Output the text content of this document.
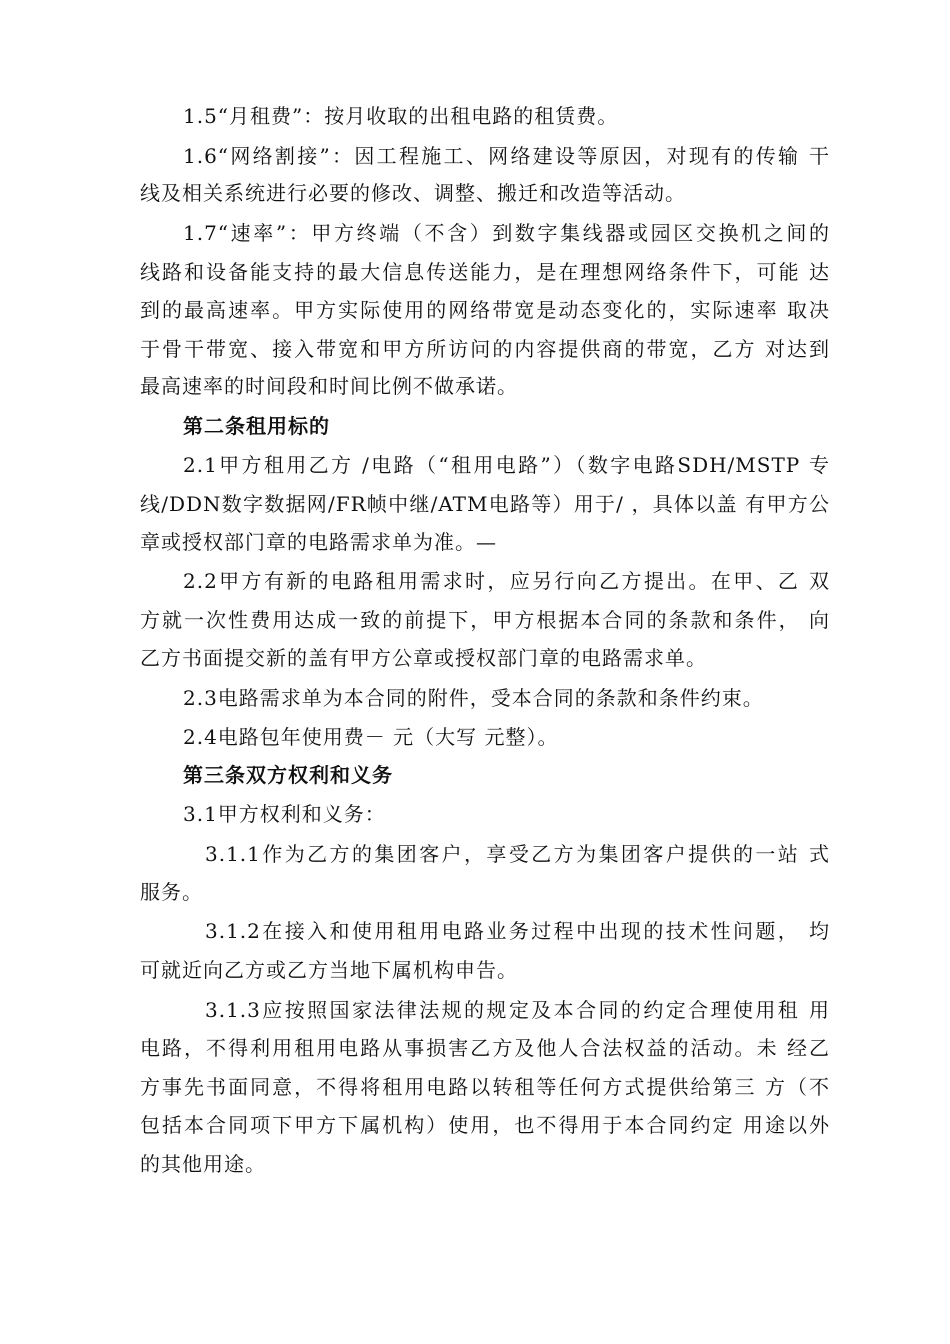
1.5“月租费”：按月收取的出租电路的租赁费。
1.6“网络割接”：因工程施工、网络建设等原因，对现有的传输 干
线及相关系统进行必要的修改、调整、搬迁和改造等活动。
1.7“速率”：甲方终端（不含）到数字集线器或园区交换机之间的
线路和设备能支持的最大信息传送能力，是在理想网络条件下，可能 达
到的最高速率。甲方实际使用的网络带宽是动态变化的，实际速率 取决
于骨干带宽、接入带宽和甲方所访问的内容提供商的带宽，乙方 对达到
最高速率的时间段和时间比例不做承诺。
第二条租用标的
2.1甲方租用乙方 /电路（“租用电路”）（数字电路SDH/MSTP 专
线/DDN数字数据网/FR帧中继/ATM电路等）用于/ ，具体以盖 有甲方公
章或授权部门章的电路需求单为准。—
2.2甲方有新的电路租用需求时，应另行向乙方提出。在甲、乙 双
方就一次性费用达成一致的前提下，甲方根据本合同的条款和条件， 向
乙方书面提交新的盖有甲方公章或授权部门章的电路需求单。
2.3电路需求单为本合同的附件，受本合同的条款和条件约束。
2.4电路包年使用费－ 元（大写 元整）。
第三条双方权利和义务
3.1甲方权利和义务：
3.1.1作为乙方的集团客户，享受乙方为集团客户提供的一站 式
服务。
3.1.2在接入和使用租用电路业务过程中出现的技术性问题， 均
可就近向乙方或乙方当地下属机构申告。
3.1.3应按照国家法律法规的规定及本合同的约定合理使用租 用
电路，不得利用租用电路从事损害乙方及他人合法权益的活动。未 经乙
方事先书面同意，不得将租用电路以转租等任何方式提供给第三 方（不
包括本合同项下甲方下属机构）使用，也不得用于本合同约定 用途以外
的其他用途。
